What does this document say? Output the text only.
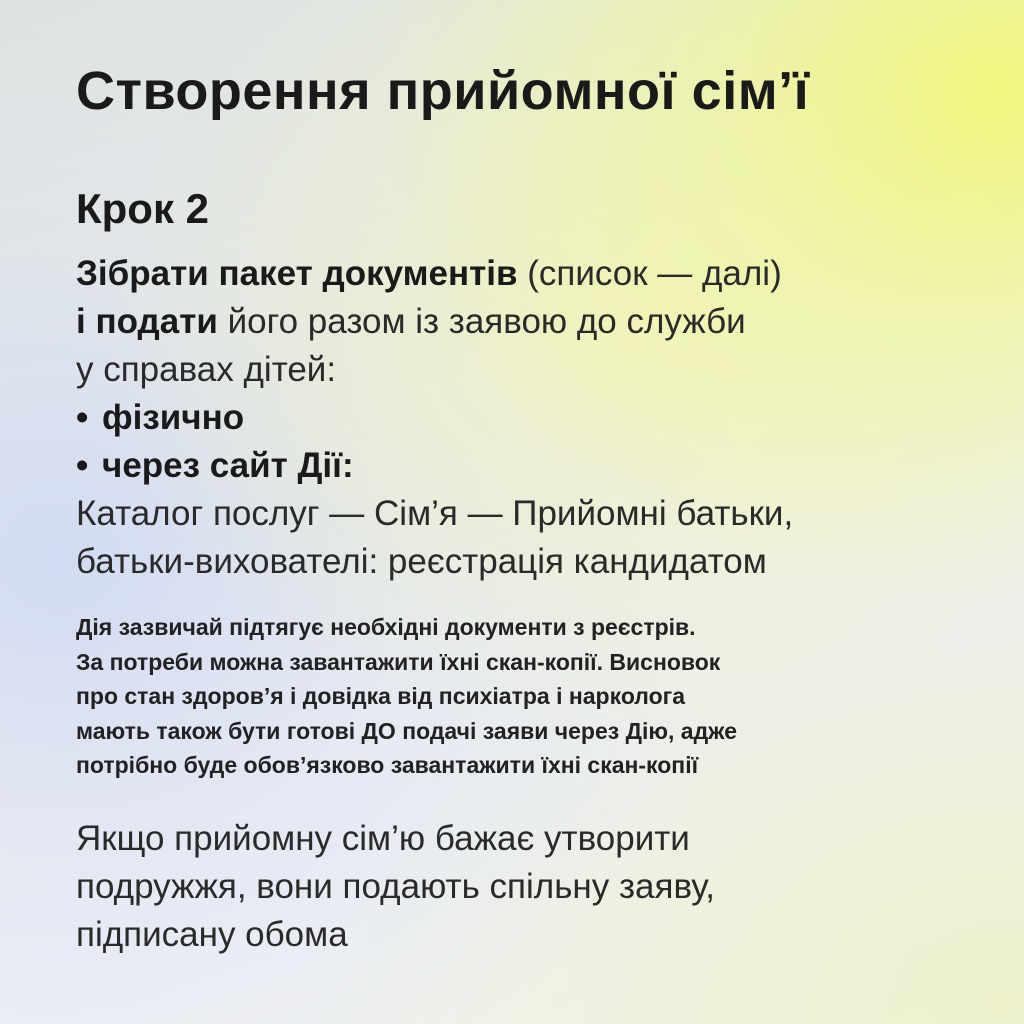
Створення прийомної сім’ї
Крок 2
Зібрати пакет документів (список — далі)
і подати його разом із заявою до служби
у справах дітей:
• фізично
• через сайт Дії:
Каталог послуг — Сім’я — Прийомні батьки,
батьки-вихователі: реєстрація кандидатом
Дія зазвичай підтягує необхідні документи з реєстрів.
За потреби можна завантажити їхні скан-копії. Висновок
про стан здоров’я і довідка від психіатра і нарколога
мають також бути готові ДО подачі заяви через Дію, адже
потрібно буде обов’язково завантажити їхні скан-копії
Якщо прийомну сім’ю бажає утворити
подружжя, вони подають спільну заяву,
підписану обома
